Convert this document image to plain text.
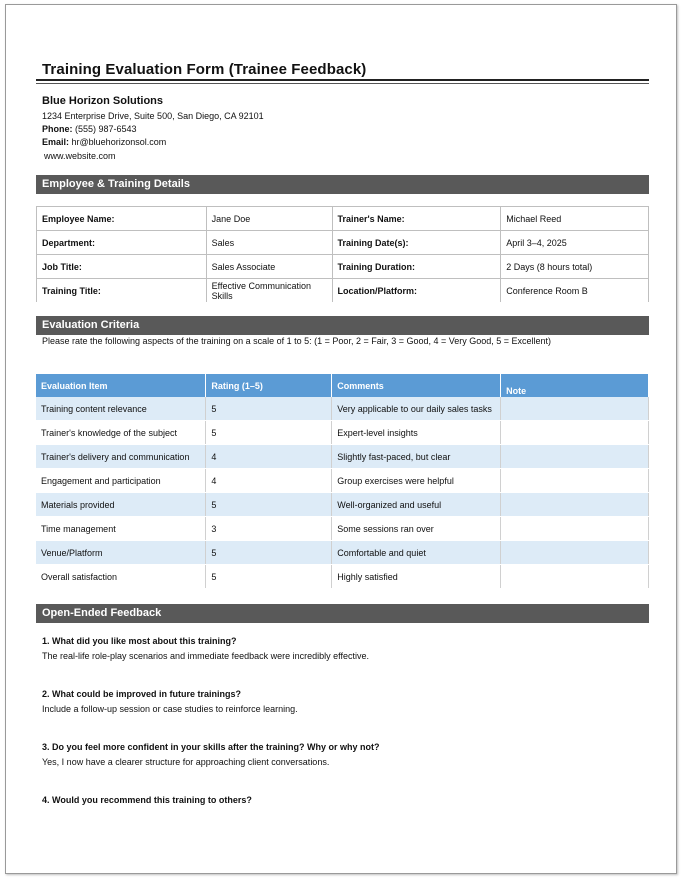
Training Evaluation Form (Trainee Feedback)
Blue Horizon Solutions
1234 Enterprise Drive, Suite 500, San Diego, CA 92101
Phone: (555) 987-6543
Email: hr@bluehorizonsol.com
www.website.com
Employee & Training Details
Employee Name:	Jane Doe	Trainer's Name:	Michael Reed
Department:	Sales	Training Date(s):	April 3–4, 2025
Job Title:	Sales Associate	Training Duration:	2 Days (8 hours total)
Training Title:	Effective Communication Skills	Location/Platform:	Conference Room B
Evaluation Criteria
Please rate the following aspects of the training on a scale of 1 to 5: (1 = Poor, 2 = Fair, 3 = Good, 4 = Very Good, 5 = Excellent)
Evaluation Item	Rating (1–5)	Comments	Note
Training content relevance	5	Very applicable to our daily sales tasks	
Trainer's knowledge of the subject	5	Expert-level insights	
Trainer's delivery and communication	4	Slightly fast-paced, but clear	
Engagement and participation	4	Group exercises were helpful	
Materials provided	5	Well-organized and useful	
Time management	3	Some sessions ran over	
Venue/Platform	5	Comfortable and quiet	
Overall satisfaction	5	Highly satisfied	
Open-Ended Feedback
1. What did you like most about this training?
The real-life role-play scenarios and immediate feedback were incredibly effective.
2. What could be improved in future trainings?
Include a follow-up session or case studies to reinforce learning.
3. Do you feel more confident in your skills after the training? Why or why not?
Yes, I now have a clearer structure for approaching client conversations.
4. Would you recommend this training to others?
